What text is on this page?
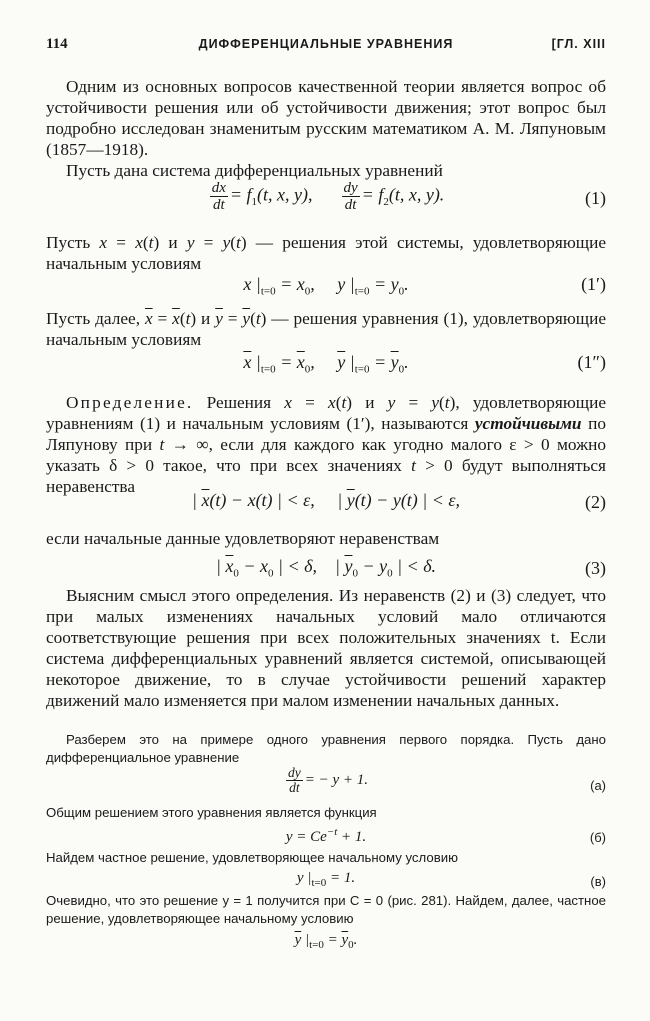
114	ДИФФЕРЕНЦИАЛЬНЫЕ УРАВНЕНИЯ	[ГЛ. XIII

Одним из основных вопросов качественной теории является вопрос об устойчивости решения или об устойчивости движения; этот вопрос был подробно исследован знаменитым русским математиком А. М. Ляпуновым (1857—1918).

Пусть дана система дифференциальных уравнений

$\frac{dx}{dt} = f_1(t$, x, y), $\frac{dy}{dt} = f_2(t$, x, y).	(1)

Пусть x = x(t) и y = y(t) — решения этой системы, удовлетворяющие начальным условиям

x $|_{t=0} = x_0$,     y $|_{t=0} = y_0$.	(1′)

Пусть далее, $\overline{x} = \overline{x}(t)$ и $\overline{y} = \overline{y}(t)$ — решения уравнения (1), удовлетворяющие начальным условиям

$\overline{x}$ $|_{t=0} = \overline{x}_0$,     $\overline{y}$ $|_{t=0} = \overline{y}_0$.	(1″)

Определение. Решения x = x(t) и y = y(t), удовлетворяющие уравнениям (1) и начальным условиям (1′), называются устойчивыми по Ляпунову при t → ∞, если для каждого как угодно малого ε > 0 можно указать δ > 0 такое, что при всех значениях t > 0 будут выполняться неравенства

| $\overline{x}(t) - x(t)$ | < ε,     | $\overline{y}(t) - y(t)$ | < ε,	(2)

если начальные данные удовлетворяют неравенствам

| $\overline{x}_0 - x_0$ | < δ,    | $\overline{y}_0 - y_0$ | < δ.	(3)

Выясним смысл этого определения. Из неравенств (2) и (3) следует, что при малых изменениях начальных условий мало отличаются соответствующие решения при всех положительных значениях t. Если система дифференциальных уравнений является системой, описывающей некоторое движение, то в случае устойчивости решений характер движений мало изменяется при малом изменении начальных данных.

Разберем это на примере одного уравнения первого порядка. Пусть дано дифференциальное уравнение

$\frac{dy}{dt}$ = − y + 1.	(a)

Общим решением этого уравнения является функция

$y = Ce^{-t} + 1$.	(б)

Найдем частное решение, удовлетворяющее начальному условию

y $|_{t=0} = 1$.	(в)

Очевидно, что это решение y = 1 получится при C = 0 (рис. 281). Найдем, далее, частное решение, удовлетворяющее начальному условию

$\overline{y}$ $|_{t=0} = \overline{y}_0$.
